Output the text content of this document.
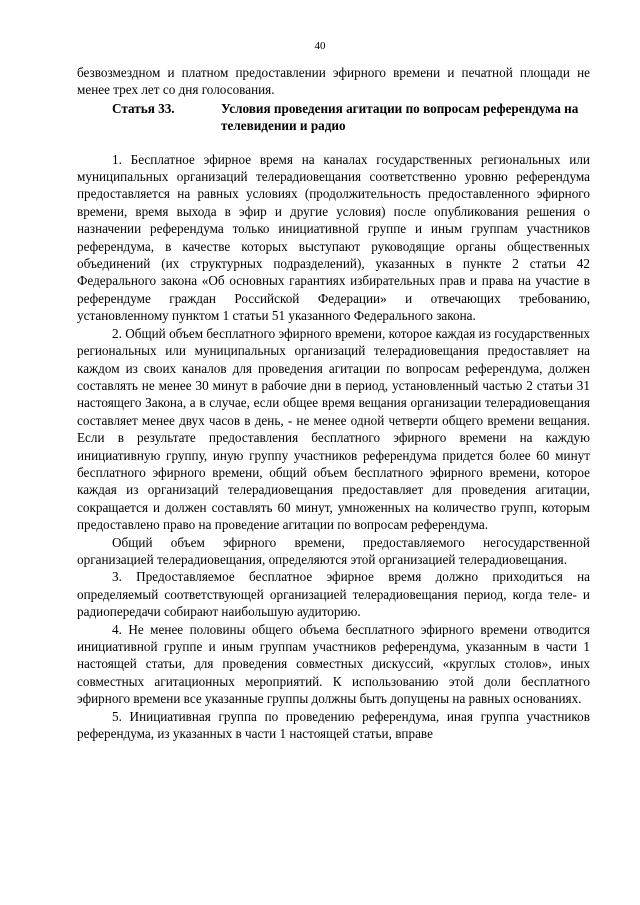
40

безвозмездном и платном предоставлении эфирного времени и печатной площади не менее трех лет со дня голосования.

Статья 33.	Условия проведения агитации по вопросам референдума на телевидении и радио

1. Бесплатное эфирное время на каналах государственных региональных или муниципальных организаций телерадиовещания соответственно уровню референдума предоставляется на равных условиях (продолжительность предоставленного эфирного времени, время выхода в эфир и другие условия) после опубликования решения о назначении референдума только инициативной группе и иным группам участников референдума, в качестве которых выступают руководящие органы общественных объединений (их структурных подразделений), указанных в пункте 2 статьи 42 Федерального закона «Об основных гарантиях избирательных прав и права на участие в референдуме граждан Российской Федерации» и отвечающих требованию, установленному пунктом 1 статьи 51 указанного Федерального закона.

2. Общий объем бесплатного эфирного времени, которое каждая из государственных региональных или муниципальных организаций телерадиовещания предоставляет на каждом из своих каналов для проведения агитации по вопросам референдума, должен составлять не менее 30 минут в рабочие дни в период, установленный частью 2 статьи 31 настоящего Закона, а в случае, если общее время вещания организации телерадиовещания составляет менее двух часов в день, - не менее одной четверти общего времени вещания. Если в результате предоставления бесплатного эфирного времени на каждую инициативную группу, иную группу участников референдума придется более 60 минут бесплатного эфирного времени, общий объем бесплатного эфирного времени, которое каждая из организаций телерадиовещания предоставляет для проведения агитации, сокращается и должен составлять 60 минут, умноженных на количество групп, которым предоставлено право на проведение агитации по вопросам референдума.

Общий объем эфирного времени, предоставляемого негосударственной организацией телерадиовещания, определяются этой организацией телерадиовещания.

3. Предоставляемое бесплатное эфирное время должно приходиться на определяемый соответствующей организацией телерадиовещания период, когда теле- и радиопередачи собирают наибольшую аудиторию.

4. Не менее половины общего объема бесплатного эфирного времени отводится инициативной группе и иным группам участников референдума, указанным в части 1 настоящей статьи, для проведения совместных дискуссий, «круглых столов», иных совместных агитационных мероприятий. К использованию этой доли бесплатного эфирного времени все указанные группы должны быть допущены на равных основаниях.

5. Инициативная группа по проведению референдума, иная группа участников референдума, из указанных в части 1 настоящей статьи, вправе
